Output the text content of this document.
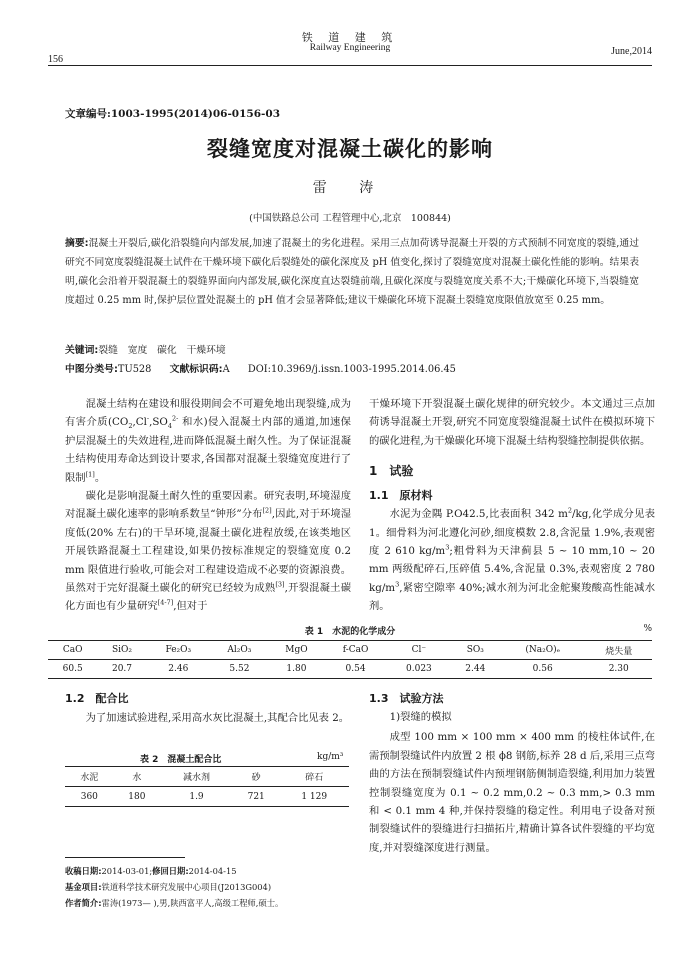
铁 道 建 筑
Railway Engineering
156
June,2014
文章编号:1003-1995(2014)06-0156-03
裂缝宽度对混凝土碳化的影响
雷 涛
(中国铁路总公司 工程管理中心,北京　100844)
摘要:混凝土开裂后,碳化沿裂缝向内部发展,加速了混凝土的劣化进程。采用三点加荷诱导混凝土开裂的方式预制不同宽度的裂缝,通过研究不同宽度裂缝混凝土试件在干燥环境下碳化后裂缝处的碳化深度及 pH 值变化,探讨了裂缝宽度对混凝土碳化性能的影响。结果表明,碳化会沿着开裂混凝土的裂缝界面向内部发展,碳化深度直达裂缝前端,且碳化深度与裂缝宽度关系不大;干燥碳化环境下,当裂缝宽度超过 0.25 mm 时,保护层位置处混凝土的 pH 值才会显著降低;建议干燥碳化环境下混凝土裂缝宽度限值放宽至 0.25 mm。
关键词:裂缝　宽度　碳化　干燥环境
中图分类号:TU528 文献标识码:A DOI:10.3969/j.issn.1003-1995.2014.06.45

混凝土结构在建设和服役期间会不可避免地出现裂缝,成为有害介质($CO_2,Cl^-,SO_4^{2-}$ 和水)侵入混凝土内部的通道,加速保护层混凝土的失效进程,进而降低混凝土耐久性。为了保证混凝土结构使用寿命达到设计要求,各国都对混凝土裂缝宽度进行了限制[1]。

碳化是影响混凝土耐久性的重要因素。研究表明,环境湿度对混凝土碳化速率的影响系数呈“钟形”分布[2],因此,对于环境湿度低(20% 左右)的干旱环境,混凝土碳化进程放缓,在该类地区开展铁路混凝土工程建设,如果仍按标准规定的裂缝宽度 0.2 mm 限值进行验收,可能会对工程建设造成不必要的资源浪费。虽然对于完好混凝土碳化的研究已经较为成熟[3],开裂混凝土碳化方面也有少量研究[4-7],但对于

干燥环境下开裂混凝土碳化规律的研究较少。本文通过三点加荷诱导混凝土开裂,研究不同宽度裂缝混凝土试件在模拟环境下的碳化进程,为干燥碳化环境下混凝土结构裂缝控制提供依据。

1　试验
1.1　原材料

水泥为金隅 P.O42.5,比表面积 342 $m^2/kg$,化学成分见表 1。细骨料为河北遵化河砂,细度模数 2.8,含泥量 1.9%,表观密度 2 610 $kg/m^3$;粗骨料为天津蓟县 5 ~ 10 mm,10 ~ 20 mm 两级配碎石,压碎值 5.4%,含泥量 0.3%,表观密度 2 780 $kg/m^3$,紧密空隙率 40%;减水剂为河北金舵聚羧酸高性能减水剂。

表 1　水泥的化学成分	%
CaO	SiO₂	Fe₂O₃	Al₂O₃	MgO	f-CaO	Cl⁻	SO₃	(Na₂O)ₑ	烧失量
60.5	20.7	2.46	5.52	1.80	0.54	0.023	2.44	0.56	2.30
1.2　配合比

为了加速试验进程,采用高水灰比混凝土,其配合比见表 2。

表 2　混凝土配合比	kg/m³
水泥	水	减水剂	砂	碎石
360	180	1.9	721	1 129
收稿日期:2014-03-01;修回日期:2014-04-15
基金项目:铁道科学技术研究发展中心项目(J2013G004)
作者简介:雷涛(1973— ),男,陕西富平人,高级工程师,硕士。
1.3　试验方法

1)裂缝的模拟

成型 100 mm × 100 mm × 400 mm 的棱柱体试件,在需预制裂缝试件内放置 2 根 ϕ8 钢筋,标养 28 d 后,采用三点弯曲的方法在预制裂缝试件内预埋钢筋侧制造裂缝,利用加力装置控制裂缝宽度为 0.1 ~ 0.2 mm,0.2 ~ 0.3 mm,> 0.3 mm 和 < 0.1 mm 4 种,并保持裂缝的稳定性。利用电子设备对预制裂缝试件的裂缝进行扫描拓片,精确计算各试件裂缝的平均宽度,并对裂缝深度进行测量。
